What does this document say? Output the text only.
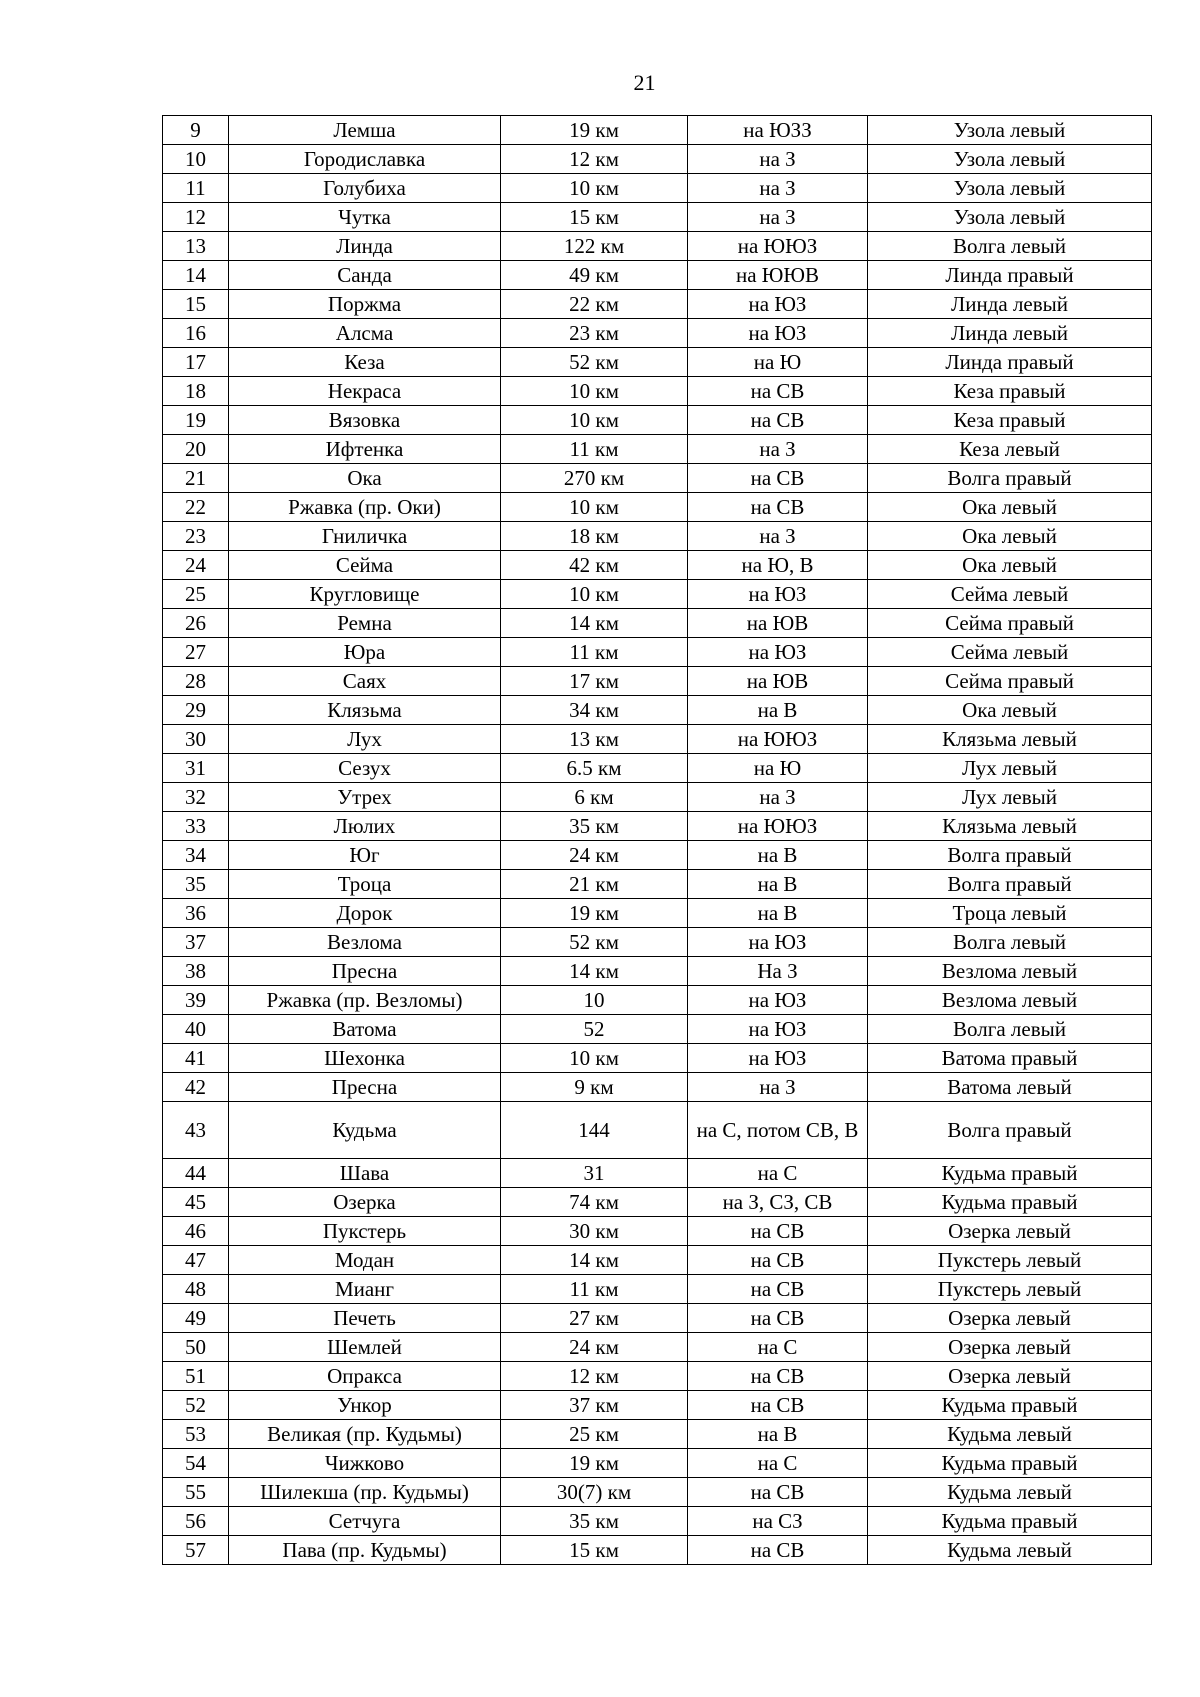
21
9	Лемша	19 км	на ЮЗЗ	Узола левый
10	Городиславка	12 км	на З	Узола левый
11	Голубиха	10 км	на З	Узола левый
12	Чутка	15 км	на З	Узола левый
13	Линда	122 км	на ЮЮЗ	Волга левый
14	Санда	49 км	на ЮЮВ	Линда правый
15	Поржма	22 км	на ЮЗ	Линда левый
16	Алсма	23 км	на ЮЗ	Линда левый
17	Кеза	52 км	на Ю	Линда правый
18	Некраса	10 км	на СВ	Кеза правый
19	Вязовка	10 км	на СВ	Кеза правый
20	Ифтенка	11 км	на З	Кеза левый
21	Ока	270 км	на СВ	Волга правый
22	Ржавка (пр. Оки)	10 км	на СВ	Ока левый
23	Гниличка	18 км	на З	Ока левый
24	Сейма	42 км	на Ю, В	Ока левый
25	Кругловище	10 км	на ЮЗ	Сейма левый
26	Ремна	14 км	на ЮВ	Сейма правый
27	Юра	11 км	на ЮЗ	Сейма левый
28	Саях	17 км	на ЮВ	Сейма правый
29	Клязьма	34 км	на В	Ока левый
30	Лух	13 км	на ЮЮЗ	Клязьма левый
31	Сезух	6.5 км	на Ю	Лух левый
32	Утрех	6 км	на З	Лух левый
33	Люлих	35 км	на ЮЮЗ	Клязьма левый
34	Юг	24 км	на В	Волга правый
35	Троца	21 км	на В	Волга правый
36	Дорок	19 км	на В	Троца левый
37	Везлома	52 км	на ЮЗ	Волга левый
38	Пресна	14 км	На З	Везлома левый
39	Ржавка (пр. Везломы)	10	на ЮЗ	Везлома левый
40	Ватома	52	на ЮЗ	Волга левый
41	Шехонка	10 км	на ЮЗ	Ватома правый
42	Пресна	9 км	на З	Ватома левый
43	Кудьма	144	на С, потом СВ, В	Волга правый
44	Шава	31	на С	Кудьма правый
45	Озерка	74 км	на З, СЗ, СВ	Кудьма правый
46	Пукстерь	30 км	на СВ	Озерка левый
47	Модан	14 км	на СВ	Пукстерь левый
48	Мианг	11 км	на СВ	Пукстерь левый
49	Печеть	27 км	на СВ	Озерка левый
50	Шемлей	24 км	на С	Озерка левый
51	Опракса	12 км	на СВ	Озерка левый
52	Ункор	37 км	на СВ	Кудьма правый
53	Великая (пр. Кудьмы)	25 км	на В	Кудьма левый
54	Чижково	19 км	на С	Кудьма правый
55	Шилекша (пр. Кудьмы)	30(7) км	на СВ	Кудьма левый
56	Сетчуга	35 км	на СЗ	Кудьма правый
57	Пава (пр. Кудьмы)	15 км	на СВ	Кудьма левый
